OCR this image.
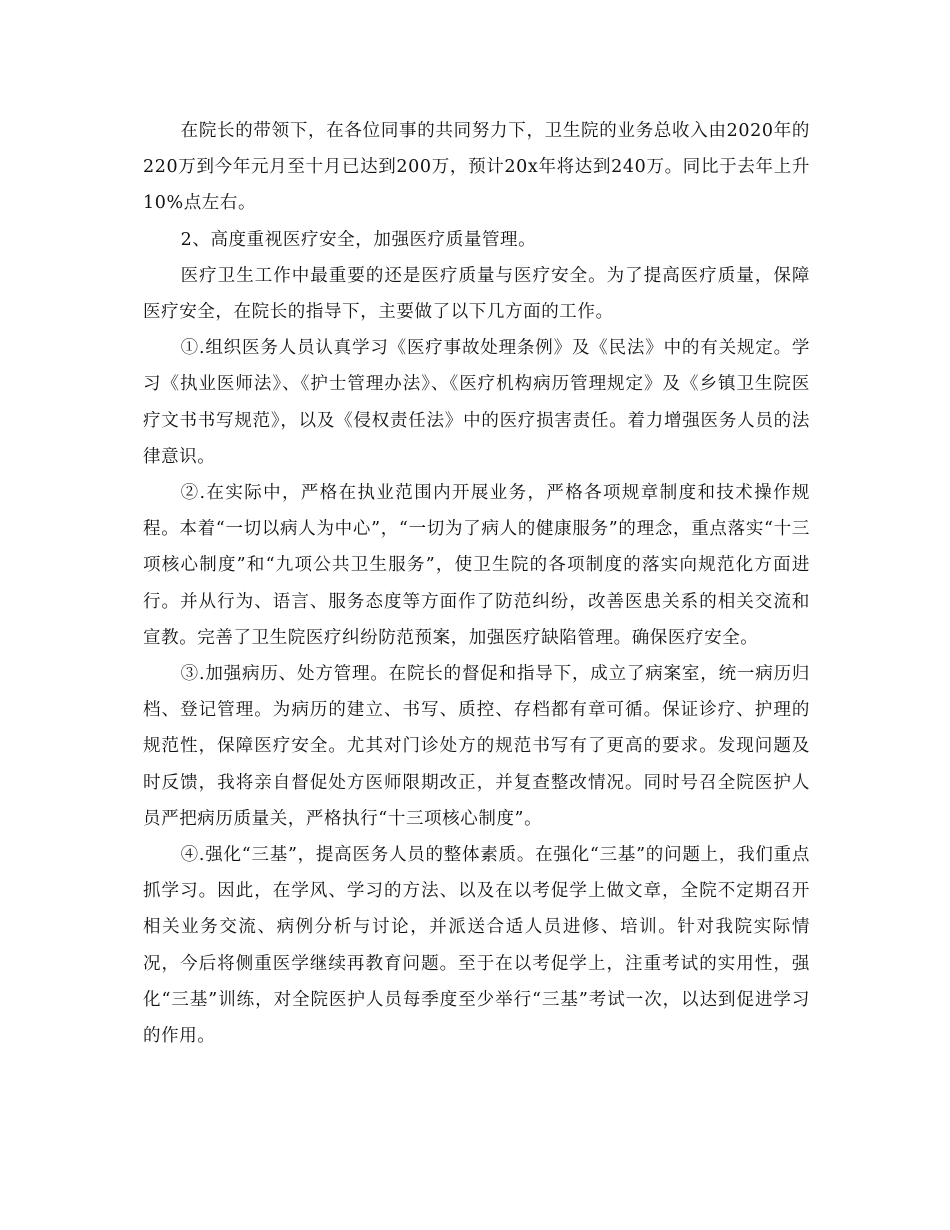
在院长的带领下，在各位同事的共同努力下，卫生院的业务总收入由2020年的220万到今年元月至十月已达到200万，预计20x年将达到240万。同比于去年上升10%点左右。

2、高度重视医疗安全，加强医疗质量管理。

医疗卫生工作中最重要的还是医疗质量与医疗安全。为了提高医疗质量，保障医疗安全，在院长的指导下，主要做了以下几方面的工作。

①.组织医务人员认真学习《医疗事故处理条例》及《民法》中的有关规定。学习《执业医师法》、《护士管理办法》、《医疗机构病历管理规定》及《乡镇卫生院医疗文书书写规范》，以及《侵权责任法》中的医疗损害责任。着力增强医务人员的法律意识。

②.在实际中，严格在执业范围内开展业务，严格各项规章制度和技术操作规程。本着“一切以病人为中心”，“一切为了病人的健康服务”的理念，重点落实“十三项核心制度”和“九项公共卫生服务”，使卫生院的各项制度的落实向规范化方面进行。并从行为、语言、服务态度等方面作了防范纠纷，改善医患关系的相关交流和宣教。完善了卫生院医疗纠纷防范预案，加强医疗缺陷管理。确保医疗安全。

③.加强病历、处方管理。在院长的督促和指导下，成立了病案室，统一病历归档、登记管理。为病历的建立、书写、质控、存档都有章可循。保证诊疗、护理的规范性，保障医疗安全。尤其对门诊处方的规范书写有了更高的要求。发现问题及时反馈，我将亲自督促处方医师限期改正，并复查整改情况。同时号召全院医护人员严把病历质量关，严格执行“十三项核心制度”。

④.强化“三基”，提高医务人员的整体素质。在强化“三基”的问题上，我们重点抓学习。因此，在学风、学习的方法、以及在以考促学上做文章，全院不定期召开相关业务交流、病例分析与讨论，并派送合适人员进修、培训。针对我院实际情况，今后将侧重医学继续再教育问题。至于在以考促学上，注重考试的实用性，强化“三基”训练，对全院医护人员每季度至少举行“三基”考试一次，以达到促进学习的作用。
